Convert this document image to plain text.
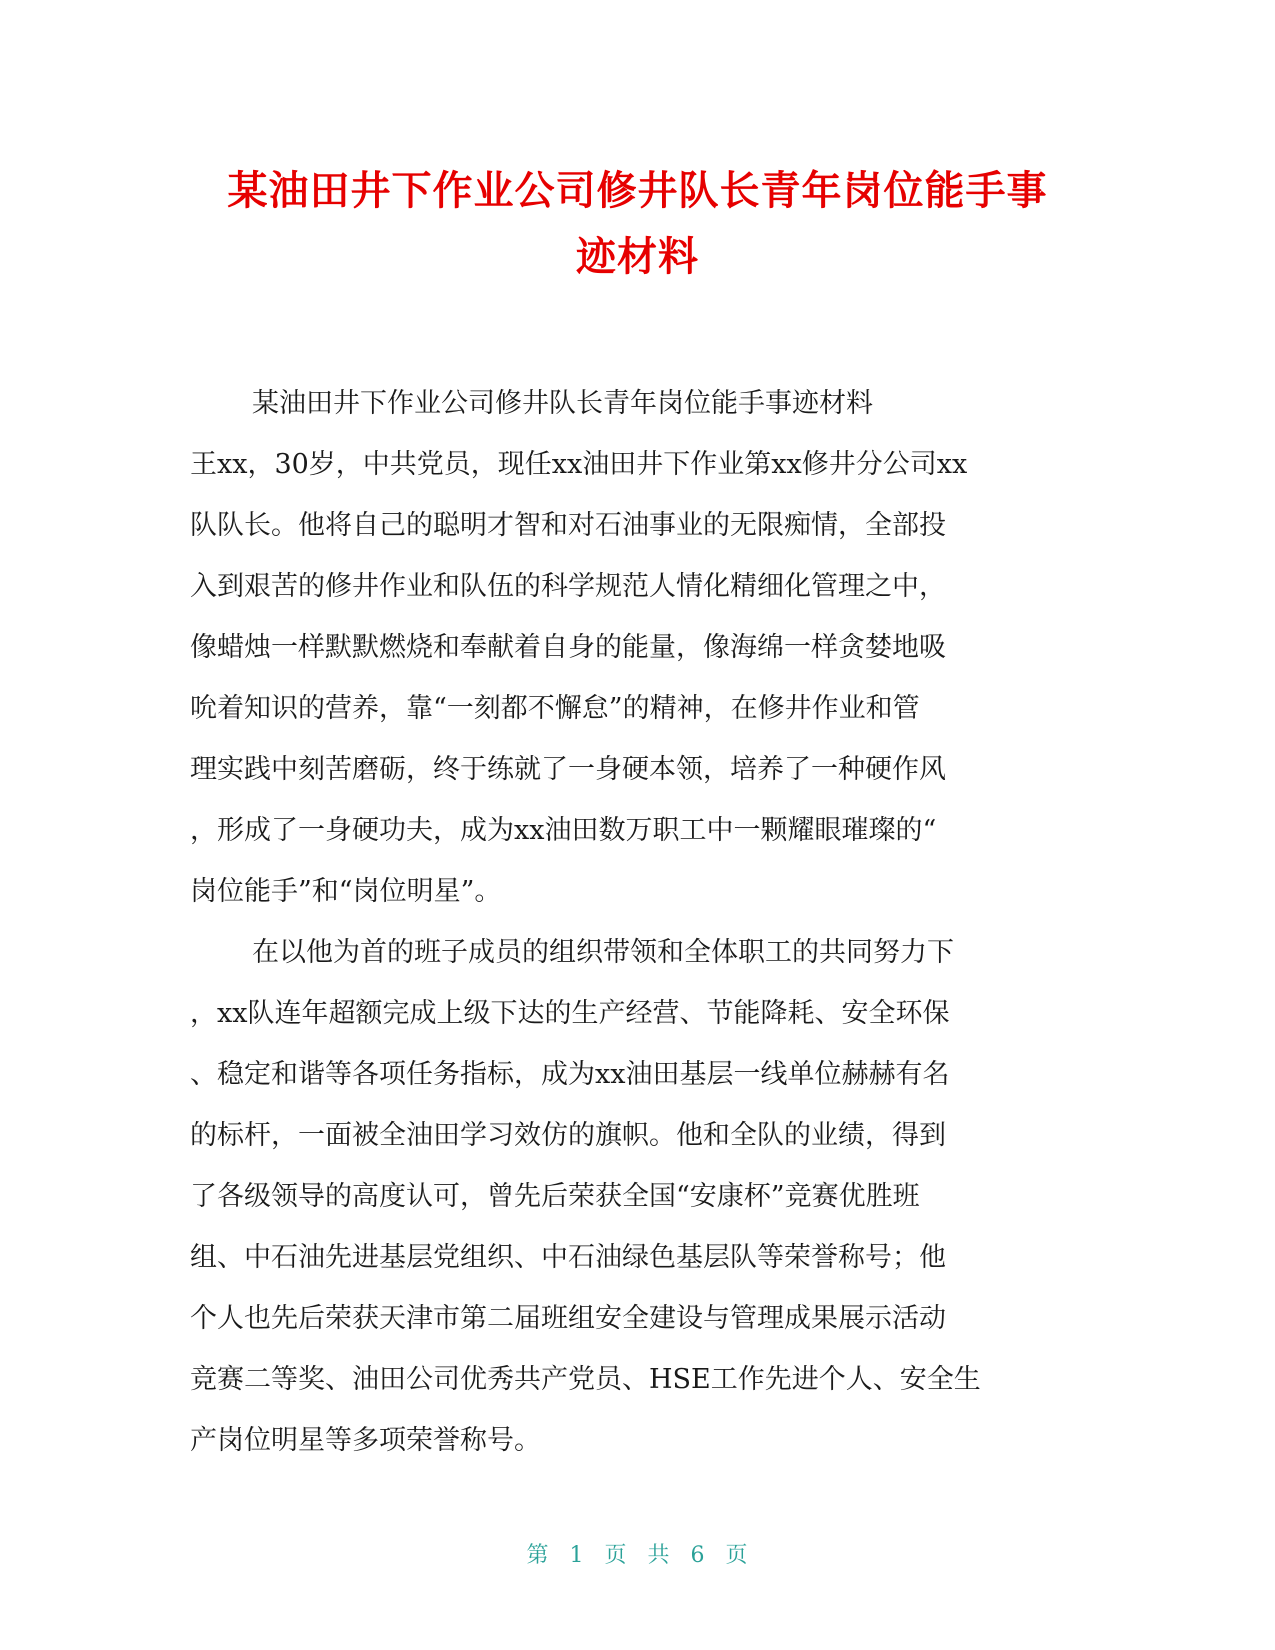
某油田井下作业公司修井队长青年岗位能手事
迹材料
某油田井下作业公司修井队长青年岗位能手事迹材料
王xx，30岁，中共党员，现任xx油田井下作业第xx修井分公司xx
队队长。他将自己的聪明才智和对石油事业的无限痴情，全部投
入到艰苦的修井作业和队伍的科学规范人情化精细化管理之中，
像蜡烛一样默默燃烧和奉献着自身的能量，像海绵一样贪婪地吸
吮着知识的营养，靠“一刻都不懈怠”的精神，在修井作业和管
理实践中刻苦磨砺，终于练就了一身硬本领，培养了一种硬作风
，形成了一身硬功夫，成为xx油田数万职工中一颗耀眼璀璨的“
岗位能手”和“岗位明星”。
在以他为首的班子成员的组织带领和全体职工的共同努力下
，xx队连年超额完成上级下达的生产经营、节能降耗、安全环保
、稳定和谐等各项任务指标，成为xx油田基层一线单位赫赫有名
的标杆，一面被全油田学习效仿的旗帜。他和全队的业绩，得到
了各级领导的高度认可，曾先后荣获全国“安康杯”竞赛优胜班
组、中石油先进基层党组织、中石油绿色基层队等荣誉称号；他
个人也先后荣获天津市第二届班组安全建设与管理成果展示活动
竞赛二等奖、油田公司优秀共产党员、HSE工作先进个人、安全生
产岗位明星等多项荣誉称号。
第 1 页 共 6 页
